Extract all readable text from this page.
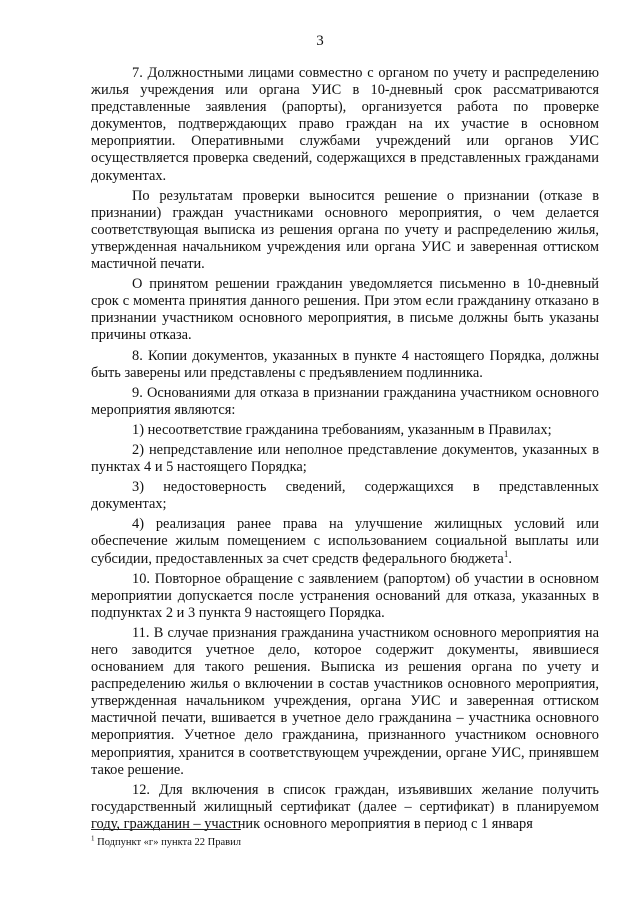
3

7. Должностными лицами совместно с органом по учету и распределению жилья учреждения или органа УИС в 10-дневный срок рассматриваются представленные заявления (рапорты), организуется работа по проверке документов, подтверждающих право граждан на их участие в основном мероприятии. Оперативными службами учреждений или органов УИС осуществляется проверка сведений, содержащихся в представленных гражданами документах.

По результатам проверки выносится решение о признании (отказе в признании) граждан участниками основного мероприятия, о чем делается соответствующая выписка из решения органа по учету и распределению жилья, утвержденная начальником учреждения или органа УИС и заверенная оттиском мастичной печати.

О принятом решении гражданин уведомляется письменно в 10-дневный срок с момента принятия данного решения. При этом если гражданину отказано в признании участником основного мероприятия, в письме должны быть указаны причины отказа.

8. Копии документов, указанных в пункте 4 настоящего Порядка, должны быть заверены или представлены с предъявлением подлинника.

9. Основаниями для отказа в признании гражданина участником основного мероприятия являются:

1) несоответствие гражданина требованиям, указанным в Правилах;

2) непредставление или неполное представление документов, указанных в пунктах 4 и 5 настоящего Порядка;

3) недостоверность сведений, содержащихся в представленных документах;

4) реализация ранее права на улучшение жилищных условий или обеспечение жилым помещением с использованием социальной выплаты или субсидии, предоставленных за счет средств федерального бюджета$^1$.

10. Повторное обращение с заявлением (рапортом) об участии в основном мероприятии допускается после устранения оснований для отказа, указанных в подпунктах 2 и 3 пункта 9 настоящего Порядка.

11. В случае признания гражданина участником основного мероприятия на него заводится учетное дело, которое содержит документы, явившиеся основанием для такого решения. Выписка из решения органа по учету и распределению жилья о включении в состав участников основного мероприятия, утвержденная начальником учреждения, органа УИС и заверенная оттиском мастичной печати, вшивается в учетное дело гражданина – участника основного мероприятия. Учетное дело гражданина, признанного участником основного мероприятия, хранится в соответствующем учреждении, органе УИС, принявшем такое решение.

12. Для включения в список граждан, изъявивших желание получить государственный жилищный сертификат (далее – сертификат) в планируемом году, гражданин – участник основного мероприятия в период с 1 января

$^1$ Подпункт «г» пункта 22 Правил
